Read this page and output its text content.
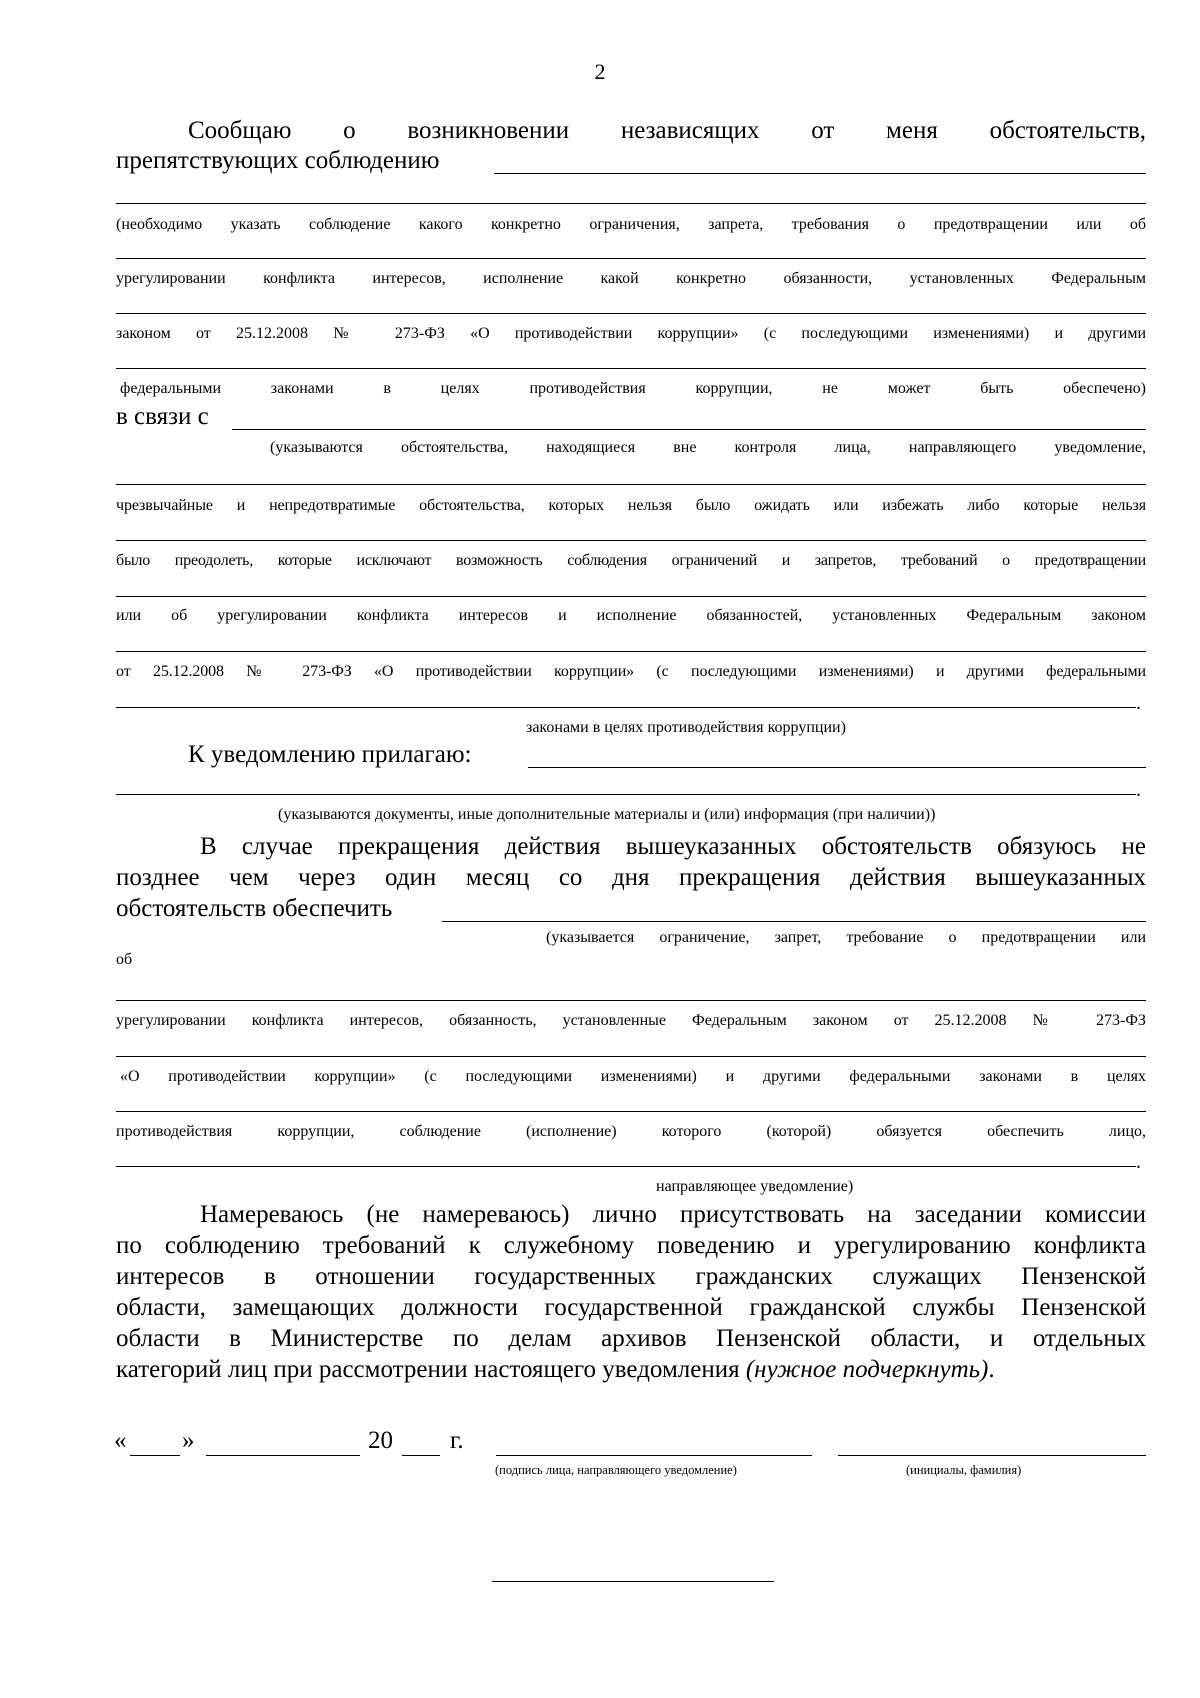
2
Сообщаю о возникновении независящих от меня обстоятельств,
препятствующих соблюдению
(необходимо указать соблюдение какого конкретно ограничения, запрета, требования о предотвращении или об
урегулировании конфликта интересов, исполнение какой конкретно обязанности, установленных Федеральным
законом от 25.12.2008 № 273-ФЗ «О противодействии коррупции» (с последующими изменениями) и другими
федеральными законами в целях противодействия коррупции, не может быть обеспечено)
в связи с
(указываются обстоятельства, находящиеся вне контроля лица, направляющего уведомление,
чрезвычайные и непредотвратимые обстоятельства, которых нельзя было ожидать или избежать либо которые нельзя
было преодолеть, которые исключают возможность соблюдения ограничений и запретов, требований о предотвращении
или об урегулировании конфликта интересов и исполнение обязанностей, установленных Федеральным законом
от 25.12.2008 № 273-ФЗ «О противодействии коррупции» (с последующими изменениями) и другими федеральными
.
законами в целях противодействия коррупции)
К уведомлению прилагаю:
.
(указываются документы, иные дополнительные материалы и (или) информация (при наличии))
В случае прекращения действия вышеуказанных обстоятельств обязуюсь не
позднее чем через один месяц со дня прекращения действия вышеуказанных
обстоятельств обеспечить
(указывается ограничение, запрет, требование о предотвращении или
об
урегулировании конфликта интересов, обязанность, установленные Федеральным законом от 25.12.2008 № 273-ФЗ
«О противодействии коррупции» (с последующими изменениями) и другими федеральными законами в целях
противодействия коррупции, соблюдение (исполнение) которого (которой) обязуется обеспечить лицо,
.
направляющее уведомление)
Намереваюсь (не намереваюсь) лично присутствовать на заседании комиссии
по соблюдению требований к служебному поведению и урегулированию конфликта
интересов в отношении государственных гражданских служащих Пензенской
области, замещающих должности государственной гражданской службы Пензенской
области в Министерстве по делам архивов Пензенской области, и отдельных
категорий лиц при рассмотрении настоящего уведомления (нужное подчеркнуть).
« »	20 г.
(подпись лица, направляющего уведомление)	(инициалы, фамилия)
